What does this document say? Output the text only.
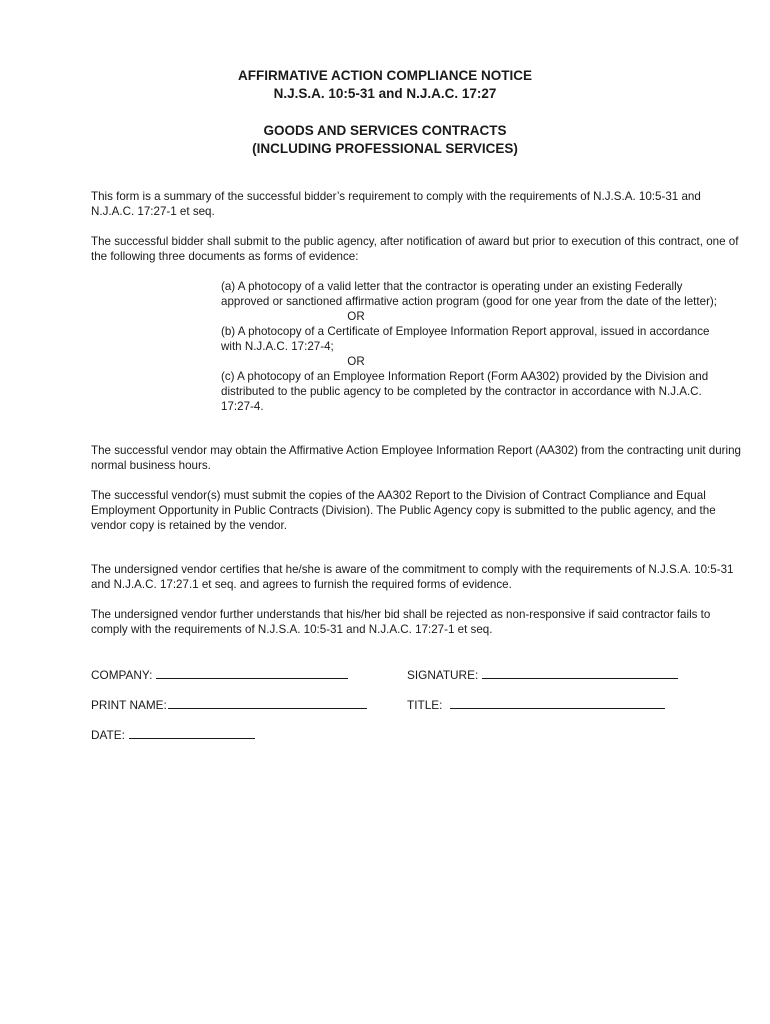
AFFIRMATIVE ACTION COMPLIANCE NOTICE
N.J.S.A. 10:5-31 and N.J.A.C. 17:27
GOODS AND SERVICES CONTRACTS
(INCLUDING PROFESSIONAL SERVICES)
This form is a summary of the successful bidder’s requirement to comply with the requirements of N.J.S.A. 10:5-31 and N.J.A.C. 17:27-1 et seq.
The successful bidder shall submit to the public agency, after notification of award but prior to execution of this contract, one of the following three documents as forms of evidence:
(a) A photocopy of a valid letter that the contractor is operating under an existing Federally approved or sanctioned affirmative action program (good for one year from the date of the letter);
OR
(b) A photocopy of a Certificate of Employee Information Report approval, issued in accordance with N.J.A.C. 17:27-4;
OR
(c) A photocopy of an Employee Information Report (Form AA302) provided by the Division and distributed to the public agency to be completed by the contractor in accordance with N.J.A.C. 17:27-4.
The successful vendor may obtain the Affirmative Action Employee Information Report (AA302) from the contracting unit during normal business hours.
The successful vendor(s) must submit the copies of the AA302 Report to the Division of Contract Compliance and Equal Employment Opportunity in Public Contracts (Division). The Public Agency copy is submitted to the public agency, and the vendor copy is retained by the vendor.
The undersigned vendor certifies that he/she is aware of the commitment to comply with the requirements of N.J.S.A. 10:5-31 and N.J.A.C. 17:27.1 et seq. and agrees to furnish the required forms of evidence.
The undersigned vendor further understands that his/her bid shall be rejected as non-responsive if said contractor fails to comply with the requirements of N.J.S.A. 10:5-31 and N.J.A.C. 17:27-1 et seq.
COMPANY:	SIGNATURE:
PRINT NAME:	TITLE:
DATE:
